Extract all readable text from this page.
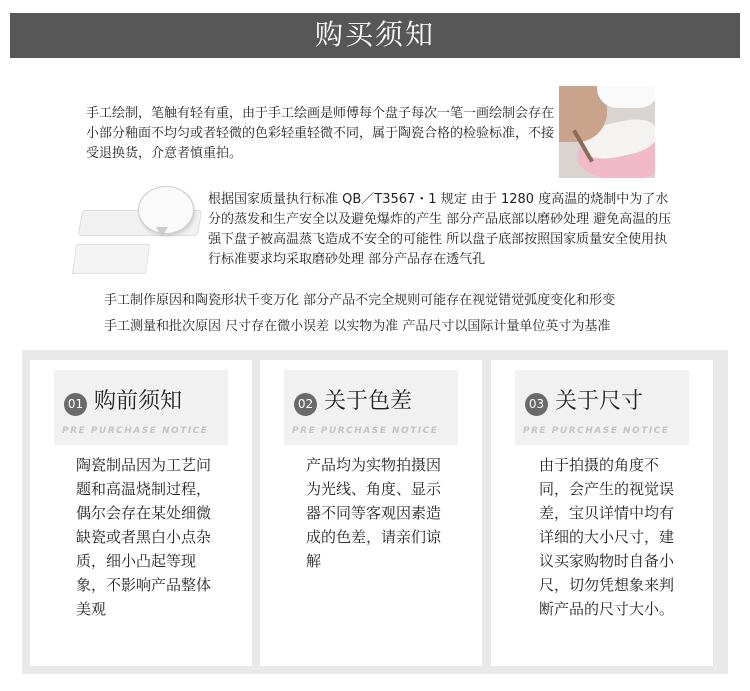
购买须知
手工绘制，笔触有轻有重，由于手工绘画是师傅每个盘子每次一笔一画绘制会存在小部分釉面不均匀或者轻微的色彩轻重轻微不同，属于陶瓷合格的检验标准，不接受退换货，介意者慎重拍。
根据国家质量执行标准 QB／T3567・1 规定 由于 1280 度高温的烧制中为了水分的蒸发和生产安全以及避免爆炸的产生 部分产品底部以磨砂处理 避免高温的压强下盘子被高温蒸飞造成不安全的可能性 所以盘子底部按照国家质量安全使用执行标准要求均采取磨砂处理 部分产品存在透气孔
手工制作原因和陶瓷形状千变万化 部分产品不完全规则可能存在视觉错觉弧度变化和形变
手工测量和批次原因 尺寸存在微小误差 以实物为准 产品尺寸以国际计量单位英寸为基准
01 购前须知
PRE PURCHASE NOTICE
陶瓷制品因为工艺问题和高温烧制过程，偶尔会存在某处细微缺瓷或者黑白小点杂质，细小凸起等现象，不影响产品整体美观
02 关于色差
PRE PURCHASE NOTICE
产品均为实物拍摄因为光线、角度、显示器不同等客观因素造成的色差，请亲们谅解
03 关于尺寸
PRE PURCHASE NOTICE
由于拍摄的角度不同，会产生的视觉误差，宝贝详情中均有详细的大小尺寸，建议买家购物时自备小尺，切勿凭想象来判断产品的尺寸大小。
